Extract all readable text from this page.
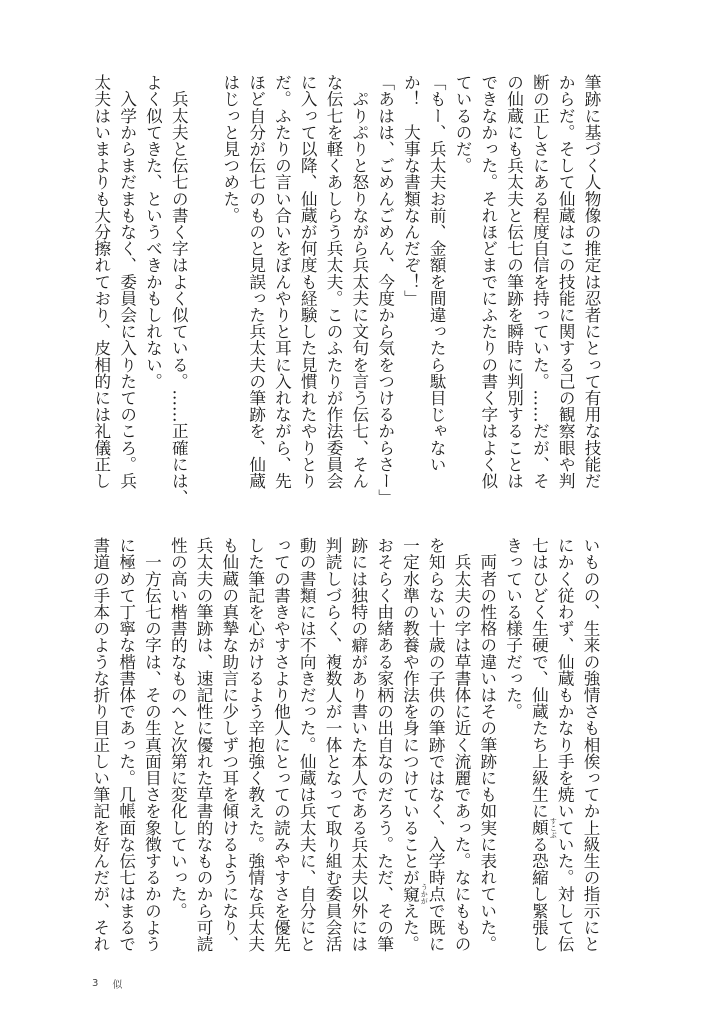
筆跡に基づく人物像の推定は忍者にとって有用な技能だ
からだ。そして仙蔵はこの技能に関する己の観察眼や判
断の正しさにある程度自信を持っていた。……だが、そ
の仙蔵にも兵太夫と伝七の筆跡を瞬時に判別することは
できなかった。それほどまでにふたりの書く字はよく似
ているのだ。
「もー、兵太夫お前、金額を間違ったら駄目じゃない
か！　大事な書類なんだぞ！」
「あはは、ごめんごめん、今度から気をつけるからさー」
　ぷりぷりと怒りながら兵太夫に文句を言う伝七、そん
な伝七を軽くあしらう兵太夫。このふたりが作法委員会
に入って以降、仙蔵が何度も経験した見慣れたやりとり
だ。ふたりの言い合いをぼんやりと耳に入れながら、先
ほど自分が伝七のものと見誤った兵太夫の筆跡を、仙蔵
はじっと見つめた。
　兵太夫と伝七の書く字はよく似ている。……正確には、
よく似てきた、というべきかもしれない。
　入学からまだまもなく、委員会に入りたてのころ。兵
太夫はいまよりも大分擦れており、皮相的には礼儀正し
いものの、生来の強情さも相俟ってか上級生の指示にと
にかく従わず、仙蔵もかなり手を焼いていた。対して伝
七はひどく生硬で、仙蔵たち上級生に頗 すこぶ
る恐縮し緊張し
きっている様子だった。
　両者の性格の違いはその筆跡にも如実に表れていた。
　兵太夫の字は草書体に近く流麗であった。なにももの
を知らない十歳の子供の筆跡ではなく、入学時点で既に
一定水準の教養や作法を身につけていることが窺 うかが
えた。
おそらく由緒ある家柄の出自なのだろう。ただ、その筆
跡には独特の癖があり書いた本人である兵太夫以外には
判読しづらく、複数人が一体となって取り組む委員会活
動の書類には不向きだった。仙蔵は兵太夫に、自分にと
っての書きやすさより他人にとっての読みやすさを優先
した筆記を心がけるよう辛抱強く教えた。強情な兵太夫
も仙蔵の真摯な助言に少しずつ耳を傾けるようになり、
兵太夫の筆跡は、速記性に優れた草書的なものから可読
性の高い楷書的なものへと次第に変化していった。
　一方伝七の字は、その生真面目さを象徴するかのよう
に極めて丁寧な楷書体であった。几帳面な伝七はまるで
書道の手本のような折り目正しい筆記を好んだが、それ
3 似
